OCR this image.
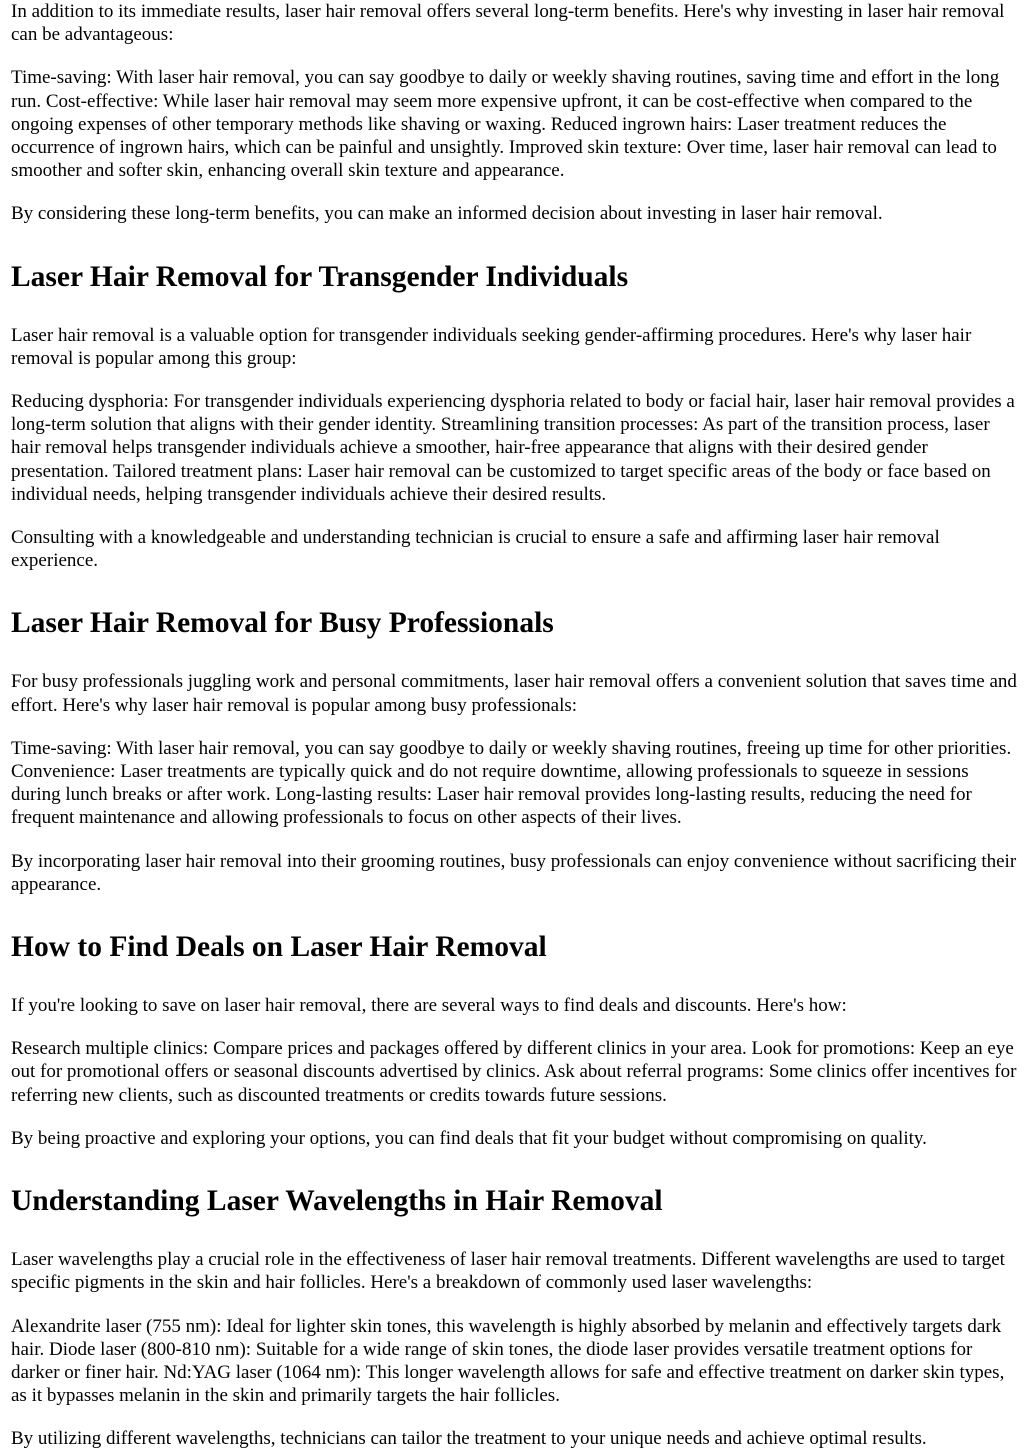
In addition to its immediate results, laser hair removal offers several long-term benefits. Here's why investing in laser hair removal can be advantageous:

Time-saving: With laser hair removal, you can say goodbye to daily or weekly shaving routines, saving time and effort in the long run. Cost-effective: While laser hair removal may seem more expensive upfront, it can be cost-effective when compared to the ongoing expenses of other temporary methods like shaving or waxing. Reduced ingrown hairs: Laser treatment reduces the occurrence of ingrown hairs, which can be painful and unsightly. Improved skin texture: Over time, laser hair removal can lead to smoother and softer skin, enhancing overall skin texture and appearance.

By considering these long-term benefits, you can make an informed decision about investing in laser hair removal.

Laser Hair Removal for Transgender Individuals

Laser hair removal is a valuable option for transgender individuals seeking gender-affirming procedures. Here's why laser hair removal is popular among this group:

Reducing dysphoria: For transgender individuals experiencing dysphoria related to body or facial hair, laser hair removal provides a long-term solution that aligns with their gender identity. Streamlining transition processes: As part of the transition process, laser hair removal helps transgender individuals achieve a smoother, hair-free appearance that aligns with their desired gender presentation. Tailored treatment plans: Laser hair removal can be customized to target specific areas of the body or face based on individual needs, helping transgender individuals achieve their desired results.

Consulting with a knowledgeable and understanding technician is crucial to ensure a safe and affirming laser hair removal experience.

Laser Hair Removal for Busy Professionals

For busy professionals juggling work and personal commitments, laser hair removal offers a convenient solution that saves time and effort. Here's why laser hair removal is popular among busy professionals:

Time-saving: With laser hair removal, you can say goodbye to daily or weekly shaving routines, freeing up time for other priorities. Convenience: Laser treatments are typically quick and do not require downtime, allowing professionals to squeeze in sessions during lunch breaks or after work. Long-lasting results: Laser hair removal provides long-lasting results, reducing the need for frequent maintenance and allowing professionals to focus on other aspects of their lives.

By incorporating laser hair removal into their grooming routines, busy professionals can enjoy convenience without sacrificing their appearance.

How to Find Deals on Laser Hair Removal

If you're looking to save on laser hair removal, there are several ways to find deals and discounts. Here's how:

Research multiple clinics: Compare prices and packages offered by different clinics in your area. Look for promotions: Keep an eye out for promotional offers or seasonal discounts advertised by clinics. Ask about referral programs: Some clinics offer incentives for referring new clients, such as discounted treatments or credits towards future sessions.

By being proactive and exploring your options, you can find deals that fit your budget without compromising on quality.

Understanding Laser Wavelengths in Hair Removal

Laser wavelengths play a crucial role in the effectiveness of laser hair removal treatments. Different wavelengths are used to target specific pigments in the skin and hair follicles. Here's a breakdown of commonly used laser wavelengths:

Alexandrite laser (755 nm): Ideal for lighter skin tones, this wavelength is highly absorbed by melanin and effectively targets dark hair. Diode laser (800-810 nm): Suitable for a wide range of skin tones, the diode laser provides versatile treatment options for darker or finer hair. Nd:YAG laser (1064 nm): This longer wavelength allows for safe and effective treatment on darker skin types, as it bypasses melanin in the skin and primarily targets the hair follicles.

By utilizing different wavelengths, technicians can tailor the treatment to your unique needs and achieve optimal results.
